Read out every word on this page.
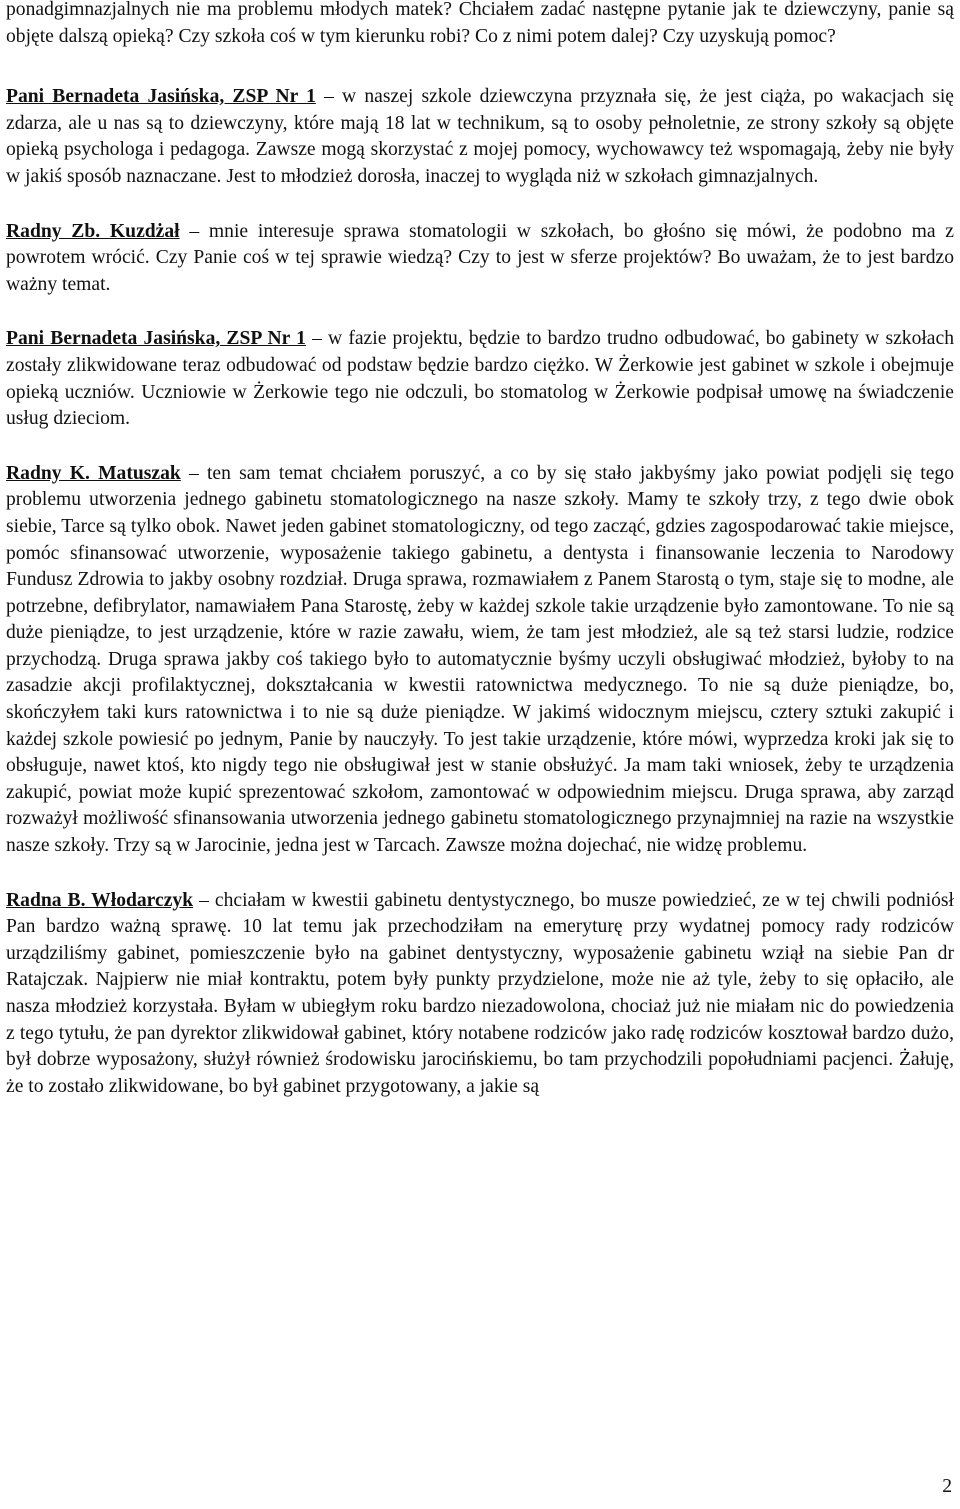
ponadgimnazjalnych nie ma problemu młodych matek? Chciałem zadać następne pytanie jak te dziewczyny, panie są objęte dalszą opieką? Czy szkoła coś w tym kierunku robi? Co z nimi potem dalej? Czy uzyskują pomoc?

Pani Bernadeta Jasińska, ZSP Nr 1 – w naszej szkole dziewczyna przyznała się, że jest ciąża, po wakacjach się zdarza, ale u nas są to dziewczyny, które mają 18 lat w technikum, są to osoby pełnoletnie, ze strony szkoły są objęte opieką psychologa i pedagoga. Zawsze mogą skorzystać z mojej pomocy, wychowawcy też wspomagają, żeby nie były w jakiś sposób naznaczane. Jest to młodzież dorosła, inaczej to wygląda niż w szkołach gimnazjalnych.

Radny Zb. Kuzdżał – mnie interesuje sprawa stomatologii w szkołach, bo głośno się mówi, że podobno ma z powrotem wrócić. Czy Panie coś w tej sprawie wiedzą? Czy to jest w sferze projektów? Bo uważam, że to jest bardzo ważny temat.

Pani Bernadeta Jasińska, ZSP Nr 1 – w fazie projektu, będzie to bardzo trudno odbudować, bo gabinety w szkołach zostały zlikwidowane teraz odbudować od podstaw będzie bardzo ciężko. W Żerkowie jest gabinet w szkole i obejmuje opieką uczniów. Uczniowie w Żerkowie tego nie odczuli, bo stomatolog w Żerkowie podpisał umowę na świadczenie usług dzieciom.

Radny K. Matuszak – ten sam temat chciałem poruszyć, a co by się stało jakbyśmy jako powiat podjęli się tego problemu utworzenia jednego gabinetu stomatologicznego na nasze szkoły. Mamy te szkoły trzy, z tego dwie obok siebie, Tarce są tylko obok. Nawet jeden gabinet stomatologiczny, od tego zacząć, gdzies zagospodarować takie miejsce, pomóc sfinansować utworzenie, wyposażenie takiego gabinetu, a dentysta i finansowanie leczenia to Narodowy Fundusz Zdrowia to jakby osobny rozdział. Druga sprawa, rozmawiałem z Panem Starostą o tym, staje się to modne, ale potrzebne, defibrylator, namawiałem Pana Starostę, żeby w każdej szkole takie urządzenie było zamontowane. To nie są duże pieniądze, to jest urządzenie, które w razie zawału, wiem, że tam jest młodzież, ale są też starsi ludzie, rodzice przychodzą. Druga sprawa jakby coś takiego było to automatycznie byśmy uczyli obsługiwać młodzież, byłoby to na zasadzie akcji profilaktycznej, dokształcania w kwestii ratownictwa medycznego. To nie są duże pieniądze, bo, skończyłem taki kurs ratownictwa i to nie są duże pieniądze. W jakimś widocznym miejscu, cztery sztuki zakupić i każdej szkole powiesić po jednym, Panie by nauczyły. To jest takie urządzenie, które mówi, wyprzedza kroki jak się to obsługuje, nawet ktoś, kto nigdy tego nie obsługiwał jest w stanie obsłużyć. Ja mam taki wniosek, żeby te urządzenia zakupić, powiat może kupić sprezentować szkołom, zamontować w odpowiednim miejscu. Druga sprawa, aby zarząd rozważył możliwość sfinansowania utworzenia jednego gabinetu stomatologicznego przynajmniej na razie na wszystkie nasze szkoły. Trzy są w Jarocinie, jedna jest w Tarcach. Zawsze można dojechać, nie widzę problemu.

Radna B. Włodarczyk – chciałam w kwestii gabinetu dentystycznego, bo musze powiedzieć, ze w tej chwili podniósł Pan bardzo ważną sprawę. 10 lat temu jak przechodziłam na emeryturę przy wydatnej pomocy rady rodziców urządziliśmy gabinet, pomieszczenie było na gabinet dentystyczny, wyposażenie gabinetu wziął na siebie Pan dr Ratajczak. Najpierw nie miał kontraktu, potem były punkty przydzielone, może nie aż tyle, żeby to się opłaciło, ale nasza młodzież korzystała. Byłam w ubiegłym roku bardzo niezadowolona, chociaż już nie miałam nic do powiedzenia z tego tytułu, że pan dyrektor zlikwidował gabinet, który notabene rodziców jako radę rodziców kosztował bardzo dużo, był dobrze wyposażony, służył również środowisku jarocińskiemu, bo tam przychodzili popołudniami pacjenci. Żałuję, że to zostało zlikwidowane, bo był gabinet przygotowany, a jakie są

2
